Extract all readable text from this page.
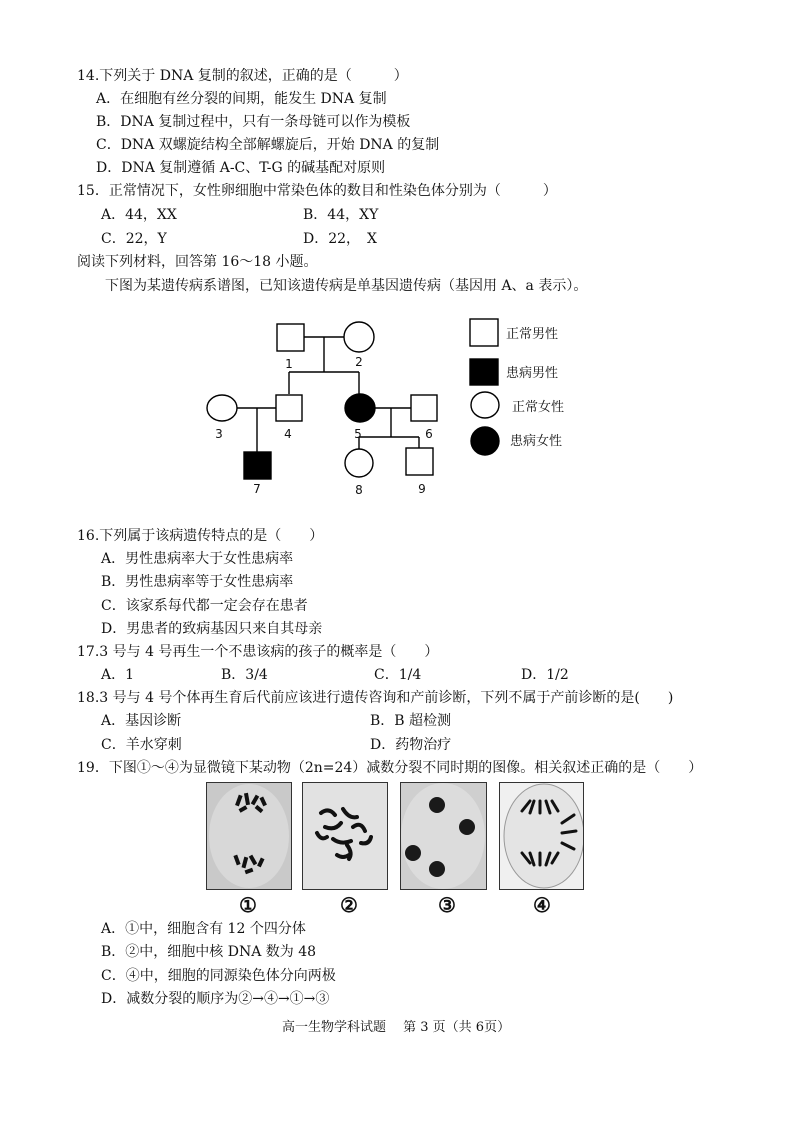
14.下列关于 DNA 复制的叙述，正确的是（　　　）
A．在细胞有丝分裂的间期，能发生 DNA 复制
B．DNA 复制过程中，只有一条母链可以作为模板
C．DNA 双螺旋结构全部解螺旋后，开始 DNA 的复制
D．DNA 复制遵循 A-C、T-G 的碱基配对原则
15．正常情况下，女性卵细胞中常染色体的数目和性染色体分别为（　　　）
A．44，XX	B．44，XY
C．22，Y	D．22，　X
阅读下列材料，回答第 16～18 小题。
下图为某遗传病系谱图，已知该遗传病是单基因遗传病（基因用 A、a 表示）。
1	2
3	4	5	6
7	8	9
正常男性
患病男性
正常女性
患病女性
16.下列属于该病遗传特点的是（　　）
A．男性患病率大于女性患病率
B．男性患病率等于女性患病率
C．该家系每代都一定会存在患者
D．男患者的致病基因只来自其母亲
17.3 号与 4 号再生一个不患该病的孩子的概率是（　　）
A．1	B．3/4	C．1/4	D．1/2
18.3 号与 4 号个体再生育后代前应该进行遗传咨询和产前诊断，下列不属于产前诊断的是(　　)
A．基因诊断	B．B 超检测
C．羊水穿刺	D．药物治疗
19．下图①～④为显微镜下某动物（2n=24）减数分裂不同时期的图像。相关叙述正确的是（　　）
①	②	③	④
A．①中，细胞含有 12 个四分体
B．②中，细胞中核 DNA 数为 48
C．④中，细胞的同源染色体分向两极
D．减数分裂的顺序为②→④→①→③
高一生物学科试题　 第 3 页（共 6页）
